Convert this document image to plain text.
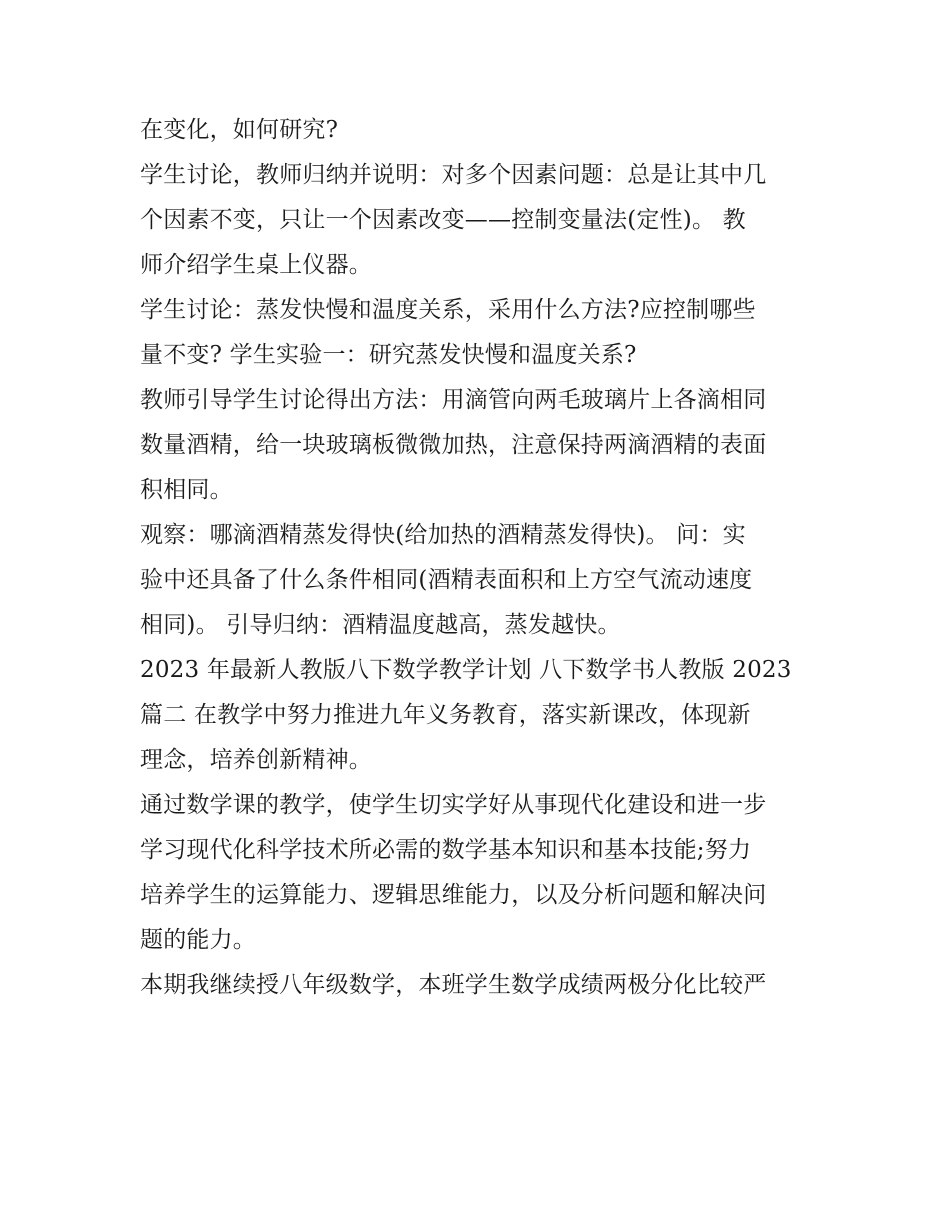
在变化，如何研究?
学生讨论，教师归纳并说明：对多个因素问题：总是让其中几
个因素不变，只让一个因素改变——控制变量法(定性)。 教
师介绍学生桌上仪器。
学生讨论：蒸发快慢和温度关系，采用什么方法?应控制哪些
量不变? 学生实验一：研究蒸发快慢和温度关系?
教师引导学生讨论得出方法：用滴管向两毛玻璃片上各滴相同
数量酒精，给一块玻璃板微微加热，注意保持两滴酒精的表面
积相同。
观察：哪滴酒精蒸发得快(给加热的酒精蒸发得快)。 问：实
验中还具备了什么条件相同(酒精表面积和上方空气流动速度
相同)。 引导归纳：酒精温度越高，蒸发越快。
2023 年最新人教版八下数学教学计划 八下数学书人教版 2023
篇二 在教学中努力推进九年义务教育，落实新课改，体现新
理念，培养创新精神。
通过数学课的教学，使学生切实学好从事现代化建设和进一步
学习现代化科学技术所必需的数学基本知识和基本技能;努力
培养学生的运算能力、逻辑思维能力，以及分析问题和解决问
题的能力。
本期我继续授八年级数学，本班学生数学成绩两极分化比较严
